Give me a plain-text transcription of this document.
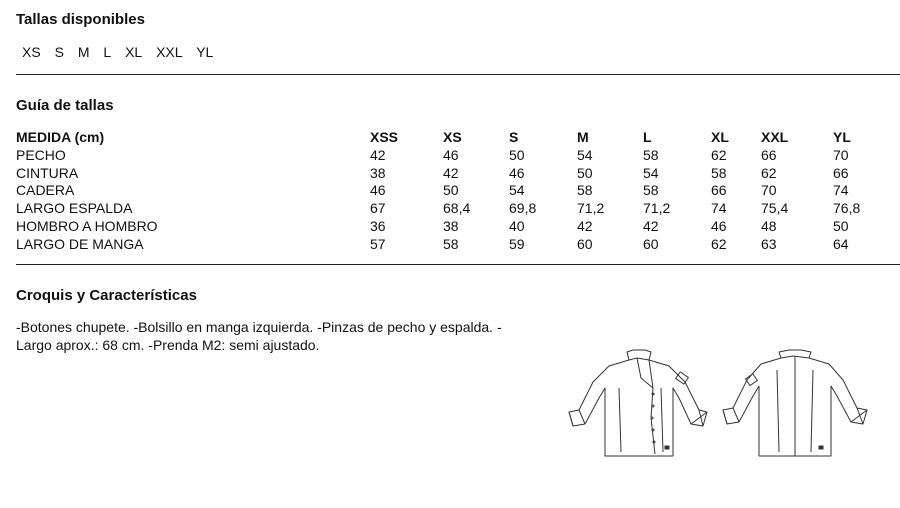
Tallas disponibles
XS S M L XL XXL YL
Guía de tallas
MEDIDA (cm)	XSS	XS	S	M	L	XL	XXL	YL
PECHO	42	46	50	54	58	62	66	70
CINTURA	38	42	46	50	54	58	62	66
CADERA	46	50	54	58	58	66	70	74
LARGO ESPALDA	67	68,4	69,8	71,2	71,2	74	75,4	76,8
HOMBRO A HOMBRO	36	38	40	42	42	46	48	50
LARGO DE MANGA	57	58	59	60	60	62	63	64
Croquis y Características
-Botones chupete. -Bolsillo en manga izquierda. -Pinzas de pecho y espalda. -
Largo aprox.: 68 cm. -Prenda M2: semi ajustado.
